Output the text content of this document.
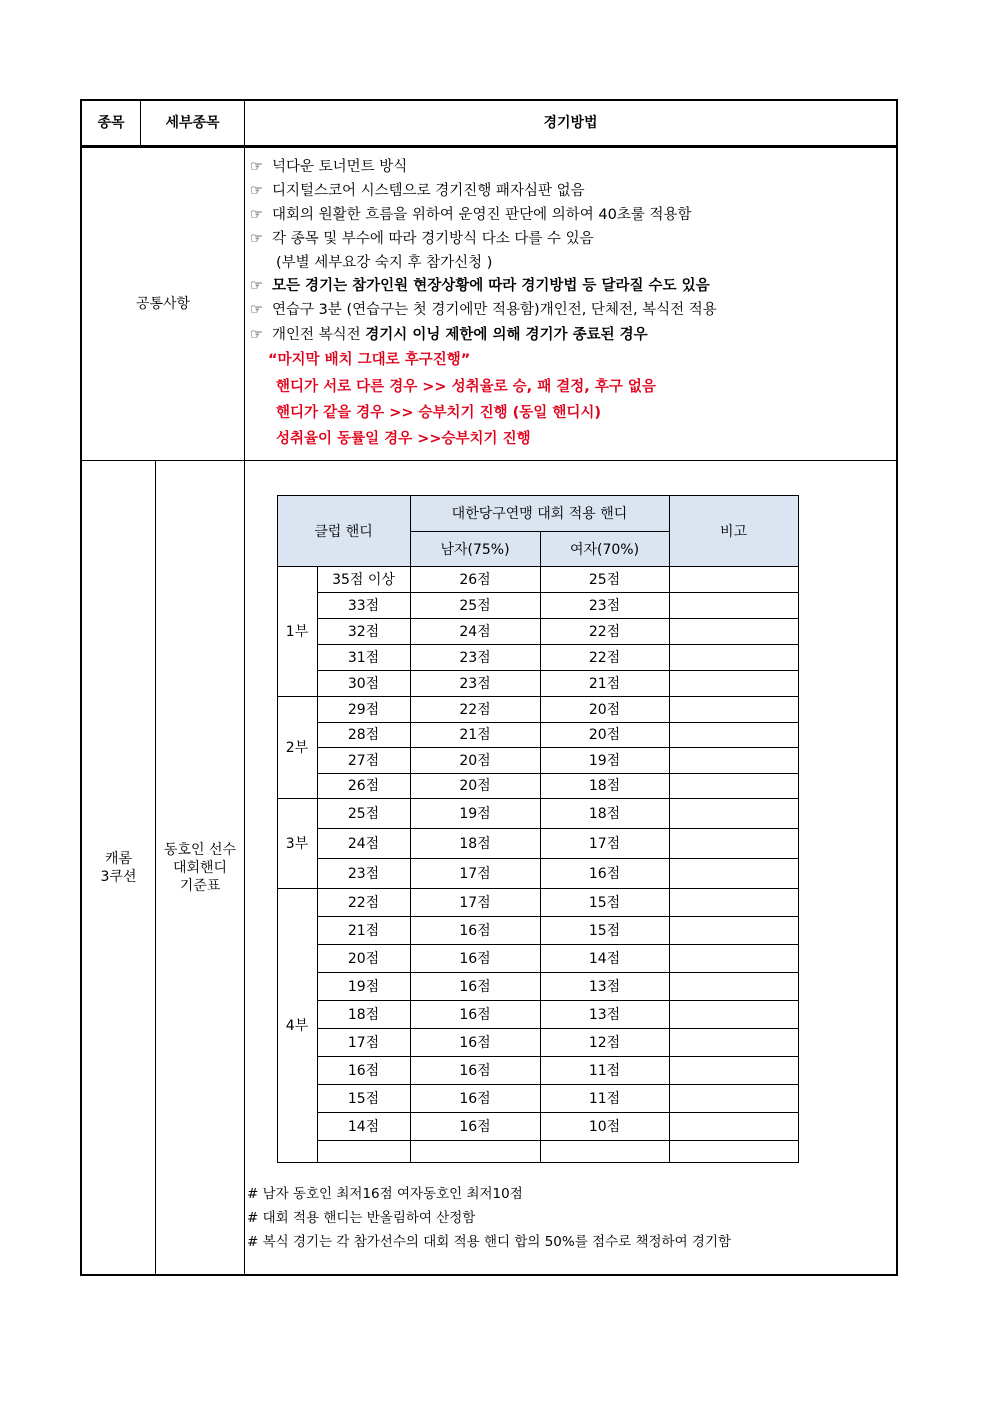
종목	세부종목	경기방법
공통사항
☞ 넉다운 토너먼트 방식
☞ 디지털스코어 시스템으로 경기진행 패자심판 없음
☞ 대회의 원활한 흐름을 위하여 운영진 판단에 의하여 40초룰 적용함
☞ 각 종목 및 부수에 따라 경기방식 다소 다를 수 있음
(부별 세부요강 숙지 후 참가신청 )
☞ 모든 경기는 참가인원 현장상황에 따라 경기방법 등 달라질 수도 있음
☞ 연습구 3분 (연습구는 첫 경기에만 적용함)개인전, 단체전, 복식전 적용
☞ 개인전 복식전 경기시 이닝 제한에 의해 경기가 종료된 경우
“마지막 배치 그대로 후구진행”
핸디가 서로 다른 경우 >> 성취율로 승, 패 결정, 후구 없음
핸디가 같을 경우 >> 승부치기 진행 (동일 핸디시)
성취율이 동률일 경우 >>승부치기 진행
캐롬
3쿠션
동호인 선수
대회핸디
기준표
클럽 핸디
대한당구연맹 대회 적용 핸디
남자(75%)	여자(70%)
비고
35점 이상	26점	25점
33점	25점	23점
32점	24점	22점
31점	23점	22점
30점	23점	21점
1부
29점	22점	20점
28점	21점	20점
27점	20점	19점
26점	20점	18점
2부
25점	19점	18점
24점	18점	17점
23점	17점	16점
3부
22점	17점	15점
21점	16점	15점
20점	16점	14점
19점	16점	13점
18점	16점	13점
17점	16점	12점
16점	16점	11점
15점	16점	11점
14점	16점	10점
4부
# 남자 동호인 최저16점 여자동호인 최저10점
# 대회 적용 핸디는 반올림하여 산정함
# 복식 경기는 각 참가선수의 대회 적용 핸디 합의 50%를 점수로 책정하여 경기함
